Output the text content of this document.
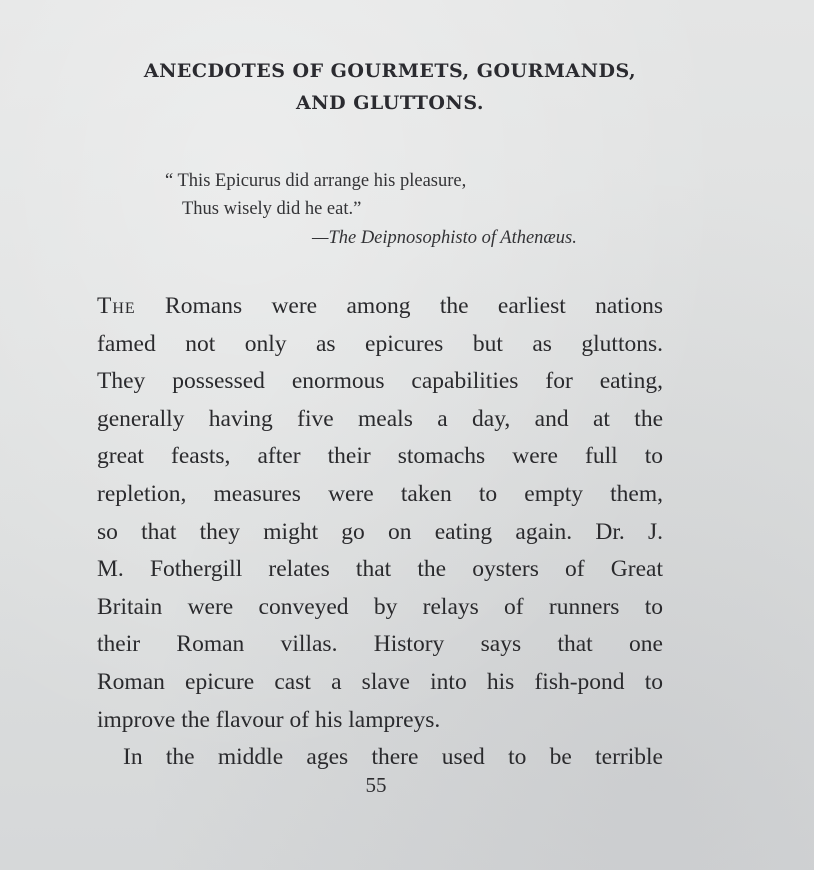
ANECDOTES OF GOURMETS, GOURMANDS,
AND GLUTTONS.

“ This Epicurus did arrange his pleasure,

Thus wisely did he eat.”

—The Deipnosophisto of Athenæus.

The Romans were among the earliest nations
famed not only as epicures but as gluttons.
They possessed enormous capabilities for eating,
generally having five meals a day, and at the
great feasts, after their stomachs were full to
repletion, measures were taken to empty them,
so that they might go on eating again. Dr. J.
M. Fothergill relates that the oysters of Great
Britain were conveyed by relays of runners to
their Roman villas. History says that one
Roman epicure cast a slave into his fish-pond to
improve the flavour of his lampreys.
In the middle ages there used to be terrible

55
